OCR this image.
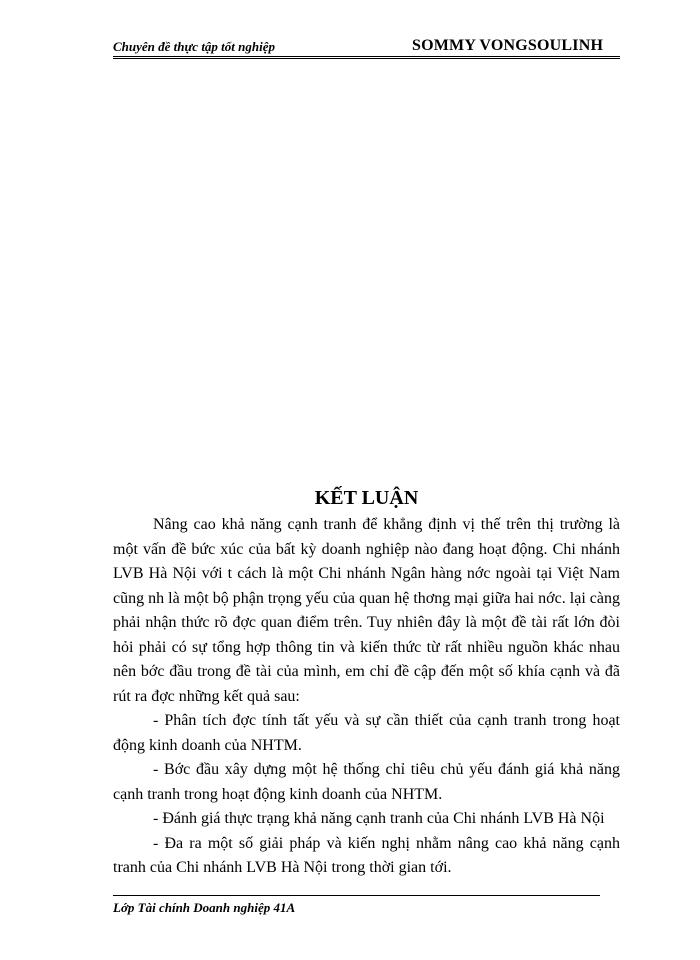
Chuyên đề thực tập tốt nghiệp	SOMMY VONGSOULINH
KẾT LUẬN

Nâng cao khả năng cạnh tranh để khẳng định vị thế trên thị trường là một vấn đề bức xúc của bất kỳ doanh nghiệp nào đang hoạt động. Chi nhánh LVB Hà Nội với t cách là một Chi nhánh Ngân hàng nớc ngoài tại Việt Nam cũng nh là một bộ phận trọng yếu của quan hệ thơng mại giữa hai nớc. lại càng phải nhận thức rõ đợc quan điểm trên. Tuy nhiên đây là một đề tài rất lớn đòi hỏi phải có sự tổng hợp thông tin và kiến thức từ rất nhiều nguồn khác nhau nên bớc đầu trong đề tài của mình, em chỉ đề cập đến một số khía cạnh và đã rút ra đợc những kết quả sau:

- Phân tích đợc tính tất yếu và sự cần thiết của cạnh tranh trong hoạt động kinh doanh của NHTM.

- Bớc đầu xây dựng một hệ thống chỉ tiêu chủ yếu đánh giá khả năng cạnh tranh trong hoạt động kinh doanh của NHTM.

- Đánh giá thực trạng khả năng cạnh tranh của Chi nhánh LVB Hà Nội

- Đa ra một số giải pháp và kiến nghị nhằm nâng cao khả năng cạnh tranh của Chi nhánh LVB Hà Nội trong thời gian tới.

Lớp Tài chính Doanh nghiệp 41A
